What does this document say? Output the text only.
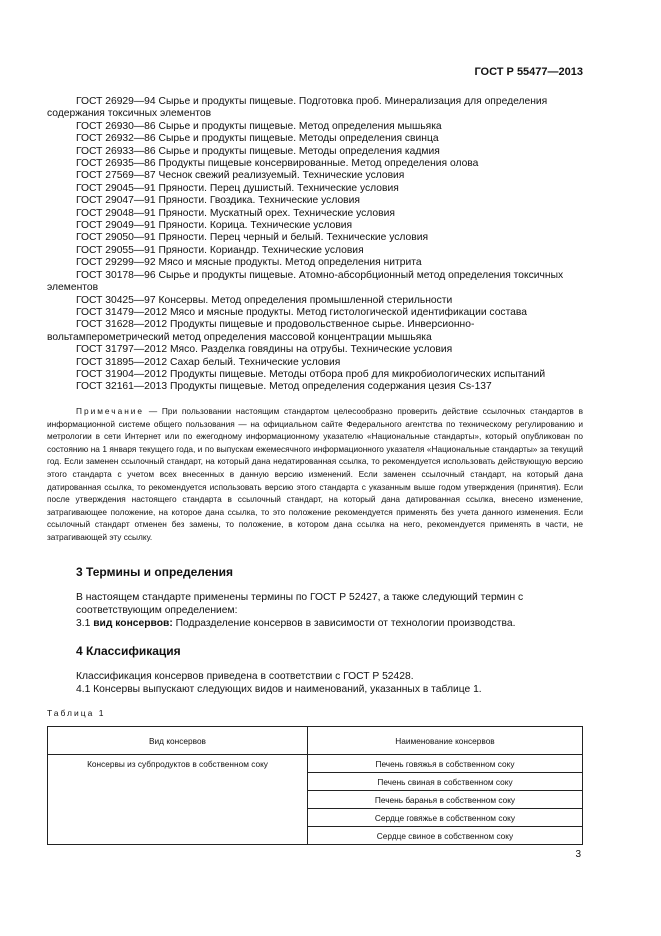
ГОСТ Р 55477—2013
ГОСТ 26929—94 Сырье и продукты пищевые. Подготовка проб. Минерализация для определения содержания токсичных элементов
ГОСТ 26930—86 Сырье и продукты пищевые. Метод определения мышьяка
ГОСТ 26932—86 Сырье и продукты пищевые. Методы определения свинца
ГОСТ 26933—86 Сырье и продукты пищевые. Методы определения кадмия
ГОСТ 26935—86 Продукты пищевые консервированные. Метод определения олова
ГОСТ 27569—87 Чеснок свежий реализуемый. Технические условия
ГОСТ 29045—91 Пряности. Перец душистый. Технические условия
ГОСТ 29047—91 Пряности. Гвоздика. Технические условия
ГОСТ 29048—91 Пряности. Мускатный орех. Технические условия
ГОСТ 29049—91 Пряности. Корица. Технические условия
ГОСТ 29050—91 Пряности. Перец черный и белый. Технические условия
ГОСТ 29055—91 Пряности. Кориандр. Технические условия
ГОСТ 29299—92 Мясо и мясные продукты. Метод определения нитрита
ГОСТ 30178—96 Сырье и продукты пищевые. Атомно-абсорбционный метод определения токсичных элементов
ГОСТ 30425—97 Консервы. Метод определения промышленной стерильности
ГОСТ 31479—2012 Мясо и мясные продукты. Метод гистологической идентификации состава
ГОСТ 31628—2012 Продукты пищевые и продовольственное сырье. Инверсионно-вольтамперометрический метод определения массовой концентрации мышьяка
ГОСТ 31797—2012 Мясо. Разделка говядины на отрубы. Технические условия
ГОСТ 31895—2012 Сахар белый. Технические условия
ГОСТ 31904—2012 Продукты пищевые. Методы отбора проб для микробиологических испытаний
ГОСТ 32161—2013 Продукты пищевые. Метод определения содержания цезия Cs-137
Примечание — При пользовании настоящим стандартом целесообразно проверить действие ссылочных стандартов в информационной системе общего пользования — на официальном сайте Федерального агентства по техническому регулированию и метрологии в сети Интернет или по ежегодному информационному указателю «Национальные стандарты», который опубликован по состоянию на 1 января текущего года, и по выпускам ежемесячного информационного указателя «Национальные стандарты» за текущий год. Если заменен ссылочный стандарт, на который дана недатированная ссылка, то рекомендуется использовать действующую версию этого стандарта с учетом всех внесенных в данную версию изменений. Если заменен ссылочный стандарт, на который дана датированная ссылка, то рекомендуется использовать версию этого стандарта с указанным выше годом утверждения (принятия). Если после утверждения настоящего стандарта в ссылочный стандарт, на который дана датированная ссылка, внесено изменение, затрагивающее положение, на которое дана ссылка, то это положение рекомендуется применять без учета данного изменения. Если ссылочный стандарт отменен без замены, то положение, в котором дана ссылка на него, рекомендуется применять в части, не затрагивающей эту ссылку.
3 Термины и определения
В настоящем стандарте применены термины по ГОСТ Р 52427, а также следующий термин с соответствующим определением:
3.1 вид консервов: Подразделение консервов в зависимости от технологии производства.
4 Классификация
Классификация консервов приведена в соответствии с ГОСТ Р 52428.
4.1 Консервы выпускают следующих видов и наименований, указанных в таблице 1.
Таблица 1
Вид консервов	Наименование консервов
Консервы из субпродуктов в собственном соку	Печень говяжья в собственном соку
	Печень свиная в собственном соку
	Печень баранья в собственном соку
	Сердце говяжье в собственном соку
	Сердце свиное в собственном соку
3
